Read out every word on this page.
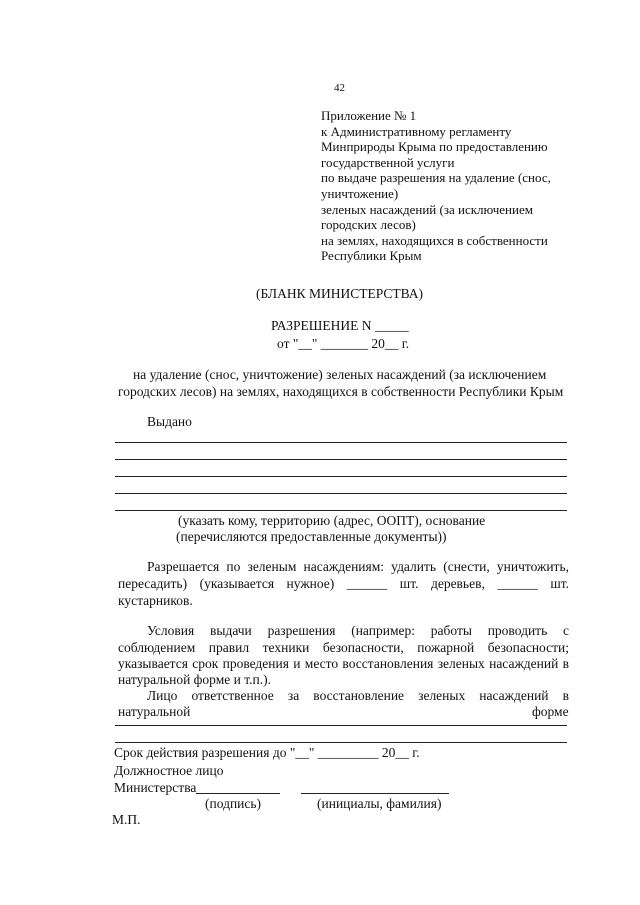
42
Приложение № 1
к Административному регламенту
Минприроды Крыма по предоставлению
государственной услуги
по выдаче разрешения на удаление (снос,
уничтожение)
зеленых насаждений (за исключением
городских лесов)
на землях, находящихся в собственности
Республики Крым
(БЛАНК МИНИСТЕРСТВА)
РАЗРЕШЕНИЕ N _____
от "__" _______ 20__ г.
на удаление (снос, уничтожение) зеленых насаждений (за исключением
городских лесов) на землях, находящихся в собственности Республики Крым
Выдано
(указать кому, территорию (адрес, ООПТ), основание
(перечисляются предоставленные документы))
Разрешается по зеленым насаждениям: удалить (снести, уничтожить,
пересадить) (указывается нужное) ______ шт. деревьев, ______ шт.
кустарников.
Условия выдачи разрешения (например: работы проводить с
соблюдением правил техники безопасности, пожарной безопасности;
указывается срок проведения и место восстановления зеленых насаждений в
натуральной форме и т.п.).
Лицо ответственное за восстановление зеленых насаждений в
натуральной	форме
Срок действия разрешения до "__" _________ 20__ г.
Должностное лицо
Министерства
(подпись)	(инициалы, фамилия)
М.П.
